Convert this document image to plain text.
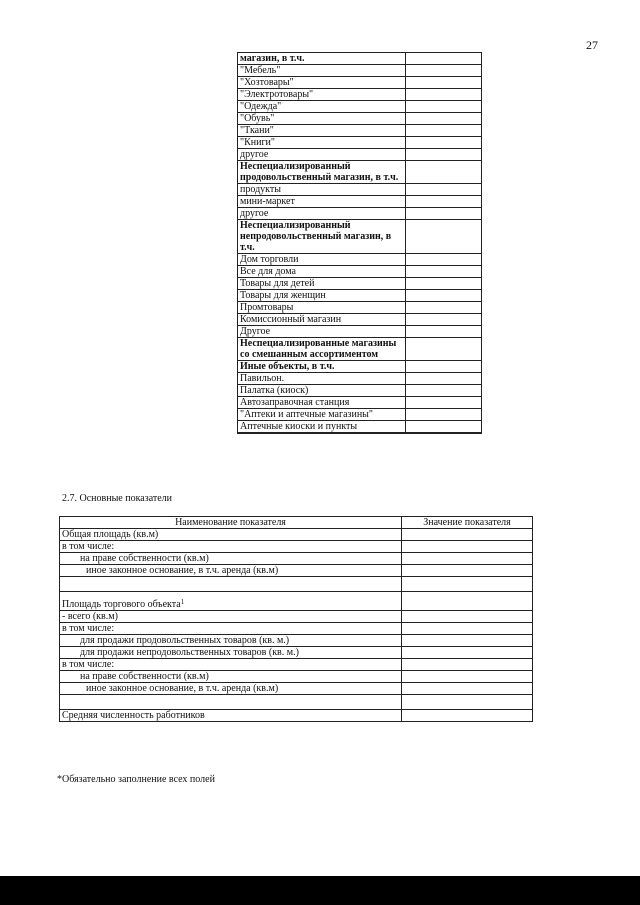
27
магазин, в т.ч.	
"Мебель"	
"Хозтовары"	
"Электротовары"	
"Одежда"	
"Обувь"	
"Ткани"	
"Книги"	
другое	
Неспециализированный продовольственный магазин, в т.ч.	
продукты	
мини-маркет	
другое	
Неспециализированный непродовольственный магазин, в т.ч.	
Дом торговли	
Все для дома	
Товары для детей	
Товары для женщин	
Промтовары	
Комиссионный магазин	
Другое	
Неспециализированные магазины со смешанным ассортиментом	
Иные объекты, в т.ч.	
Павильон.	
Палатка (киоск)	
Автозаправочная станция	
"Аптеки и аптечные магазины"	
Аптечные киоски и пункты	

2.7. Основные показатели
Наименование показателя	Значение показателя
Общая площадь (кв.м)	
в том числе:	
на праве собственности (кв.м)	
иное законное основание, в т.ч. аренда (кв.м)	

Площадь торгового объекта$^1$	
- всего (кв.м)	
в том числе:	
для продажи продовольственных товаров (кв. м.)	
для продажи непродовольственных товаров (кв. м.)	
в том числе:	
на праве собственности (кв.м)	
иное законное основание, в т.ч. аренда (кв.м)	

Средняя численность работников	
*Обязательно заполнение всех полей
